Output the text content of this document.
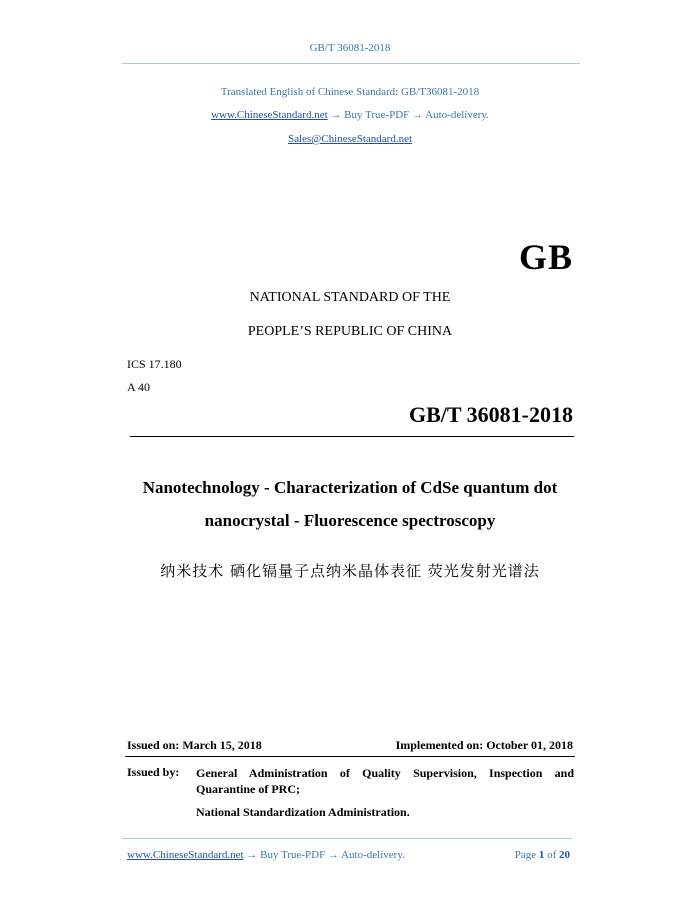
GB/T 36081-2018
Translated English of Chinese Standard: GB/T36081-2018
www.ChineseStandard.net → Buy True-PDF → Auto-delivery.
Sales@ChineseStandard.net
GB
NATIONAL STANDARD OF THE
PEOPLE’S REPUBLIC OF CHINA
ICS 17.180
A 40
GB/T 36081-2018
Nanotechnology - Characterization of CdSe quantum dot
nanocrystal - Fluorescence spectroscopy
纳米技术 硒化镉量子点纳米晶体表征 荧光发射光谱法
Issued on: March 15, 2018	Implemented on: October 01, 2018
Issued by:	General Administration of Quality Supervision, Inspection and Quarantine of PRC;
National Standardization Administration.
www.ChineseStandard.net → Buy True-PDF → Auto-delivery.	Page 1 of 20
